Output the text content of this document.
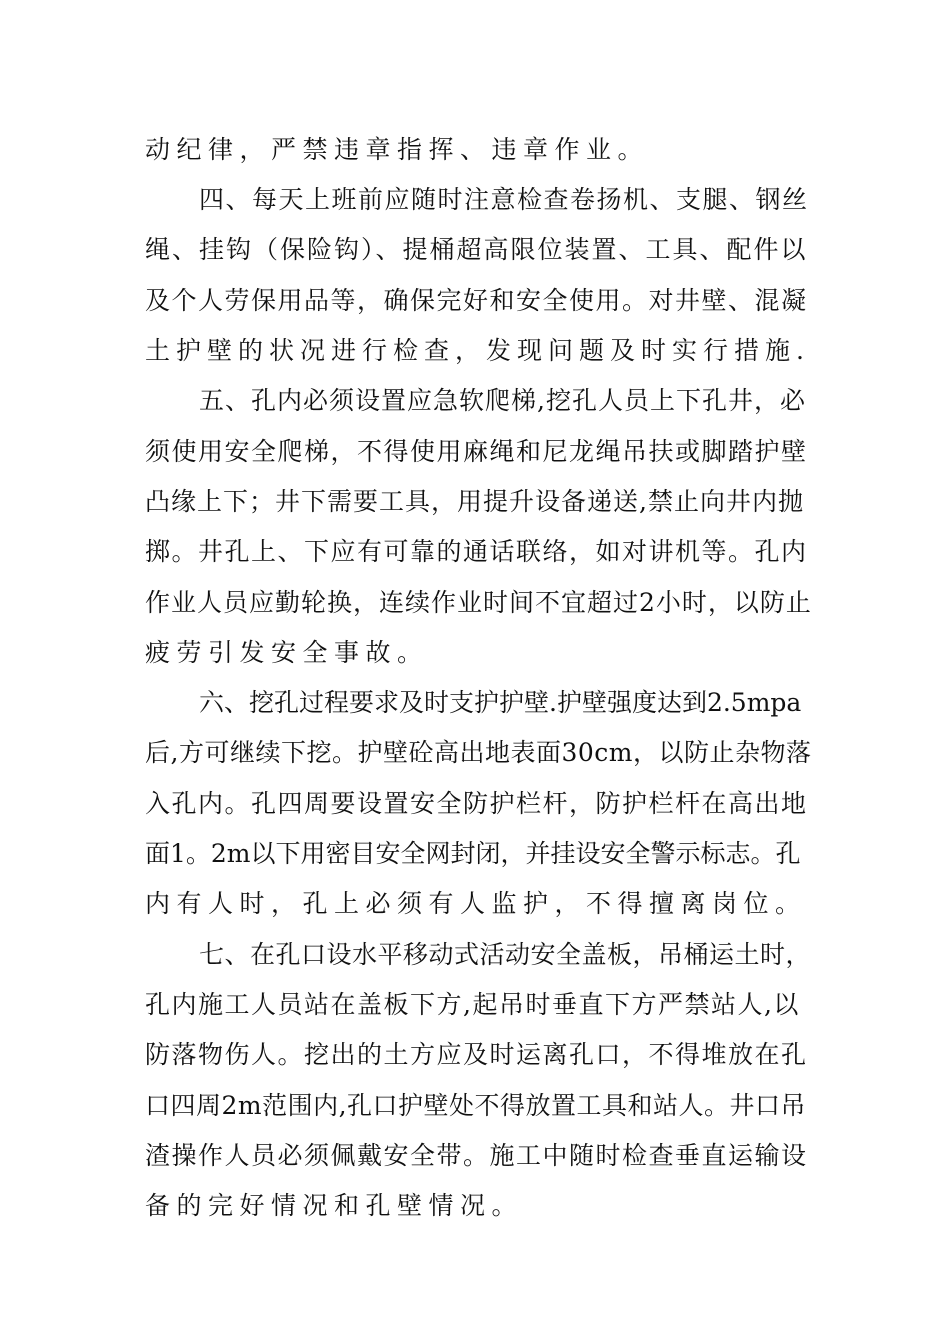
动纪律，严禁违章指挥、违章作业。
四、每天上班前应随时注意检查卷扬机、支腿、钢丝
绳、挂钩（保险钩）、提桶超高限位装置、工具、配件以
及个人劳保用品等，确保完好和安全使用。对井壁、混凝
土护壁的状况进行检查，发现问题及时实行措施.
五、孔内必须设置应急软爬梯,挖孔人员上下孔井，必
须使用安全爬梯，不得使用麻绳和尼龙绳吊扶或脚踏护壁
凸缘上下；井下需要工具，用提升设备递送,禁止向井内抛
掷。井孔上、下应有可靠的通话联络，如对讲机等。孔内
作业人员应勤轮换，连续作业时间不宜超过2小时，以防止
疲劳引发安全事故。
六、挖孔过程要求及时支护护壁.护壁强度达到2.5mpa
后,方可继续下挖。护壁砼高出地表面30cm，以防止杂物落
入孔内。孔四周要设置安全防护栏杆，防护栏杆在高出地
面1。2m以下用密目安全网封闭，并挂设安全警示标志。孔
内有人时，孔上必须有人监护，不得擅离岗位。
七、在孔口设水平移动式活动安全盖板，吊桶运土时，
孔内施工人员站在盖板下方,起吊时垂直下方严禁站人,以
防落物伤人。挖出的土方应及时运离孔口，不得堆放在孔
口四周2m范围内,孔口护壁处不得放置工具和站人。井口吊
渣操作人员必须佩戴安全带。施工中随时检查垂直运输设
备的完好情况和孔壁情况。
